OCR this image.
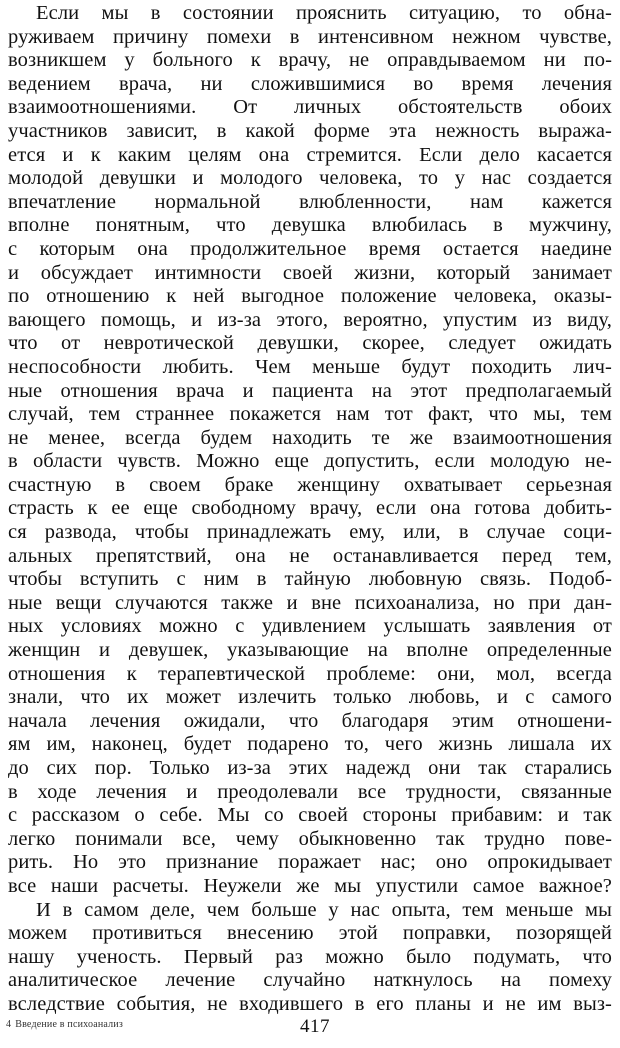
Если мы в состоянии прояснить ситуацию, то обна-
руживаем причину помехи в интенсивном нежном чувстве,
возникшем у больного к врачу, не оправдываемом ни по-
ведением врача, ни сложившимися во время лечения
взаимоотношениями. От личных обстоятельств обоих
участников зависит, в какой форме эта нежность выража-
ется и к каким целям она стремится. Если дело касается
молодой девушки и молодого человека, то у нас создается
впечатление нормальной влюбленности, нам кажется
вполне понятным, что девушка влюбилась в мужчину,
с которым она продолжительное время остается наедине
и обсуждает интимности своей жизни, который занимает
по отношению к ней выгодное положение человека, оказы-
вающего помощь, и из-за этого, вероятно, упустим из виду,
что от невротической девушки, скорее, следует ожидать
неспособности любить. Чем меньше будут походить лич-
ные отношения врача и пациента на этот предполагаемый
случай, тем страннее покажется нам тот факт, что мы, тем
не менее, всегда будем находить те же взаимоотношения
в области чувств. Можно еще допустить, если молодую не-
счастную в своем браке женщину охватывает серьезная
страсть к ее еще свободному врачу, если она готова добить-
ся развода, чтобы принадлежать ему, или, в случае соци-
альных препятствий, она не останавливается перед тем,
чтобы вступить с ним в тайную любовную связь. Подоб-
ные вещи случаются также и вне психоанализа, но при дан-
ных условиях можно с удивлением услышать заявления от
женщин и девушек, указывающие на вполне определенные
отношения к терапевтической проблеме: они, мол, всегда
знали, что их может излечить только любовь, и с самого
начала лечения ожидали, что благодаря этим отношени-
ям им, наконец, будет подарено то, чего жизнь лишала их
до сих пор. Только из-за этих надежд они так старались
в ходе лечения и преодолевали все трудности, связанные
с рассказом о себе. Мы со своей стороны прибавим: и так
легко понимали все, чему обыкновенно так трудно пове-
рить. Но это признание поражает нас; оно опрокидывает
все наши расчеты. Неужели же мы упустили самое важное?
И в самом деле, чем больше у нас опыта, тем меньше мы
можем противиться внесению этой поправки, позорящей
нашу ученость. Первый раз можно было подумать, что
аналитическое лечение случайно наткнулось на помеху
вследствие события, не входившего в его планы и не им выз-
4 Введение в психоанализ	417
